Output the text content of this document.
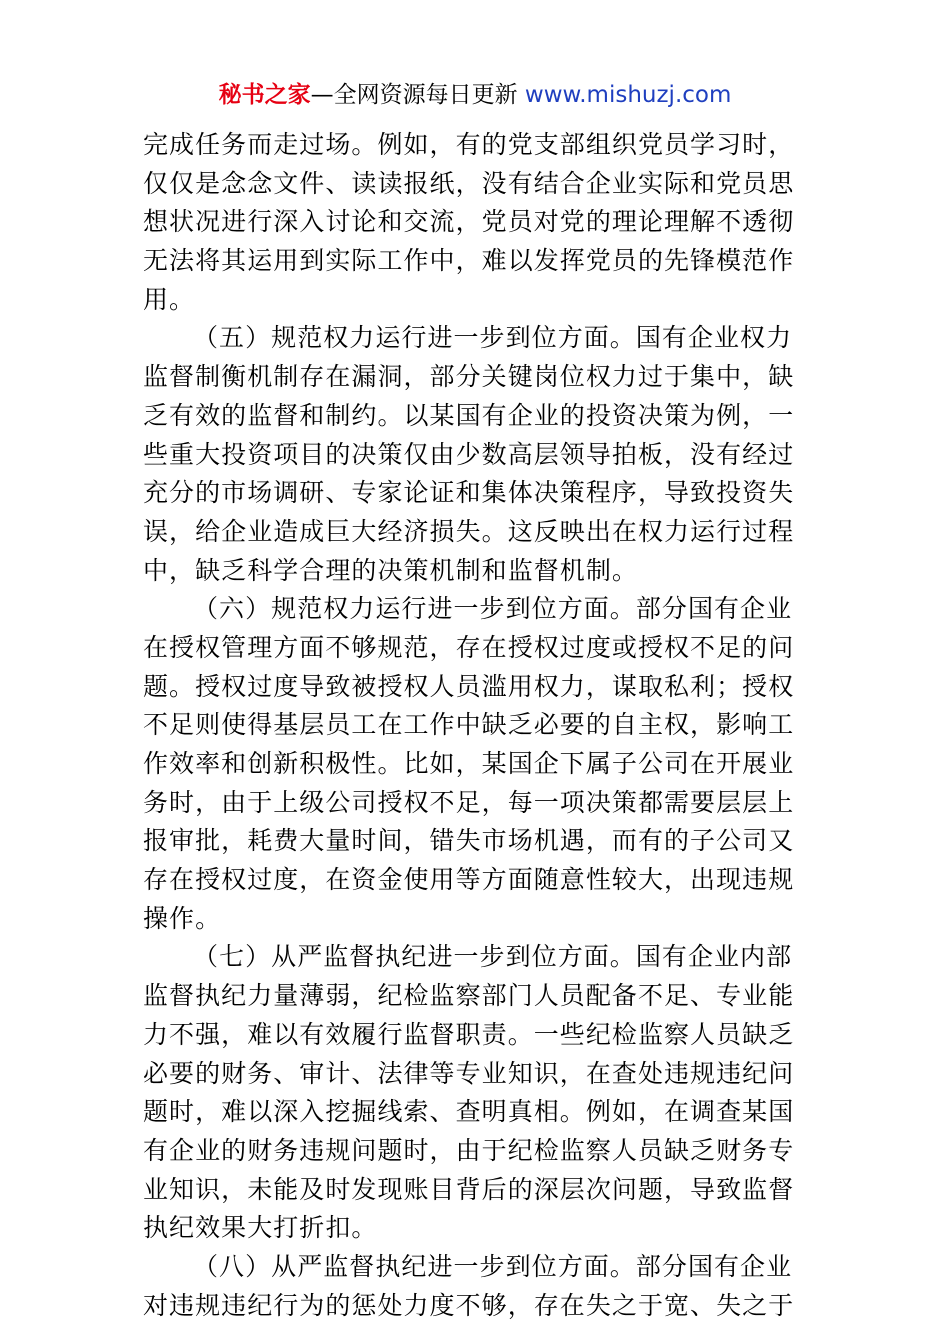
秘书之家—全网资源每日更新 www.mishuzj.com
完成任务而走过场。例如，有的党支部组织党员学习时，
仅仅是念念文件、读读报纸，没有结合企业实际和党员思
想状况进行深入讨论和交流，党员对党的理论理解不透彻
无法将其运用到实际工作中，难以发挥党员的先锋模范作
用。
（五）规范权力运行进一步到位方面。国有企业权力
监督制衡机制存在漏洞，部分关键岗位权力过于集中，缺
乏有效的监督和制约。以某国有企业的投资决策为例，一
些重大投资项目的决策仅由少数高层领导拍板，没有经过
充分的市场调研、专家论证和集体决策程序，导致投资失
误，给企业造成巨大经济损失。这反映出在权力运行过程
中，缺乏科学合理的决策机制和监督机制。
（六）规范权力运行进一步到位方面。部分国有企业
在授权管理方面不够规范，存在授权过度或授权不足的问
题。授权过度导致被授权人员滥用权力，谋取私利；授权
不足则使得基层员工在工作中缺乏必要的自主权，影响工
作效率和创新积极性。比如，某国企下属子公司在开展业
务时，由于上级公司授权不足，每一项决策都需要层层上
报审批，耗费大量时间，错失市场机遇，而有的子公司又
存在授权过度，在资金使用等方面随意性较大，出现违规
操作。
（七）从严监督执纪进一步到位方面。国有企业内部
监督执纪力量薄弱，纪检监察部门人员配备不足、专业能
力不强，难以有效履行监督职责。一些纪检监察人员缺乏
必要的财务、审计、法律等专业知识，在查处违规违纪问
题时，难以深入挖掘线索、查明真相。例如，在调查某国
有企业的财务违规问题时，由于纪检监察人员缺乏财务专
业知识，未能及时发现账目背后的深层次问题，导致监督
执纪效果大打折扣。
（八）从严监督执纪进一步到位方面。部分国有企业
对违规违纪行为的惩处力度不够，存在失之于宽、失之于
